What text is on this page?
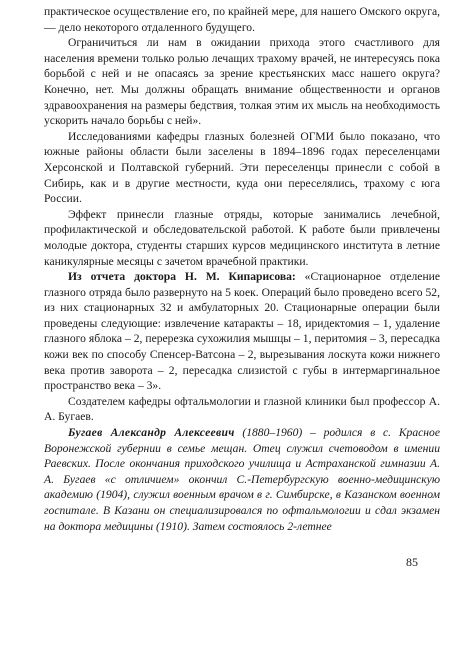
практическое осуществление его, по крайней мере, для нашего Омского округа, — дело некоторого отдаленного будущего.

Ограничиться ли нам в ожидании прихода этого счастливого для населения времени только ролью лечащих трахому врачей, не интересуясь пока борьбой с ней и не опасаясь за зрение крестьянских масс нашего округа? Конечно, нет. Мы должны обращать внимание общественности и органов здравоохранения на размеры бедствия, толкая этим их мысль на необходимость ускорить начало борьбы с ней».

Исследованиями кафедры глазных болезней ОГМИ было показано, что южные районы области были заселены в 1894–1896 годах переселенцами Херсонской и Полтавской губерний. Эти переселенцы принесли с собой в Сибирь, как и в другие местности, куда они переселялись, трахому с юга России.

Эффект принесли глазные отряды, которые занимались лечебной, профилактической и обследовательской работой. К работе были привлечены молодые доктора, студенты старших курсов медицинского института в летние каникулярные месяцы с зачетом врачебной практики.

Из отчета доктора Н. М. Кипарисова: «Стационарное отделение глазного отряда было развернуто на 5 коек. Операций было проведено всего 52, из них стационарных 32 и амбулаторных 20. Стационарные операции были проведены следующие: извлечение катаракты – 18, иридектомия – 1, удаление глазного яблока – 2, перерезка сухожилия мышцы – 1, перитомия – 3, пересадка кожи век по способу Спенсер-Ватсона – 2, вырезывания лоскута кожи нижнего века против заворота – 2, пересадка слизистой с губы в интермаргинальное пространство века – 3».

Создателем кафедры офтальмологии и глазной клиники был профессор А. А. Бугаев.

Бугаев Александр Алексеевич (1880–1960) – родился в с. Красное Воронежской губернии в семье мещан. Отец служил счетоводом в имении Раевских. После окончания приходского училища и Астраханской гимназии А. А. Бугаев «с отличием» окончил С.-Петербургскую военно-медицинскую академию (1904), служил военным врачом в г. Симбирске, в Казанском военном госпитале. В Казани он специализировался по офтальмологии и сдал экзамен на доктора медицины (1910). Затем состоялось 2-летнее

85
